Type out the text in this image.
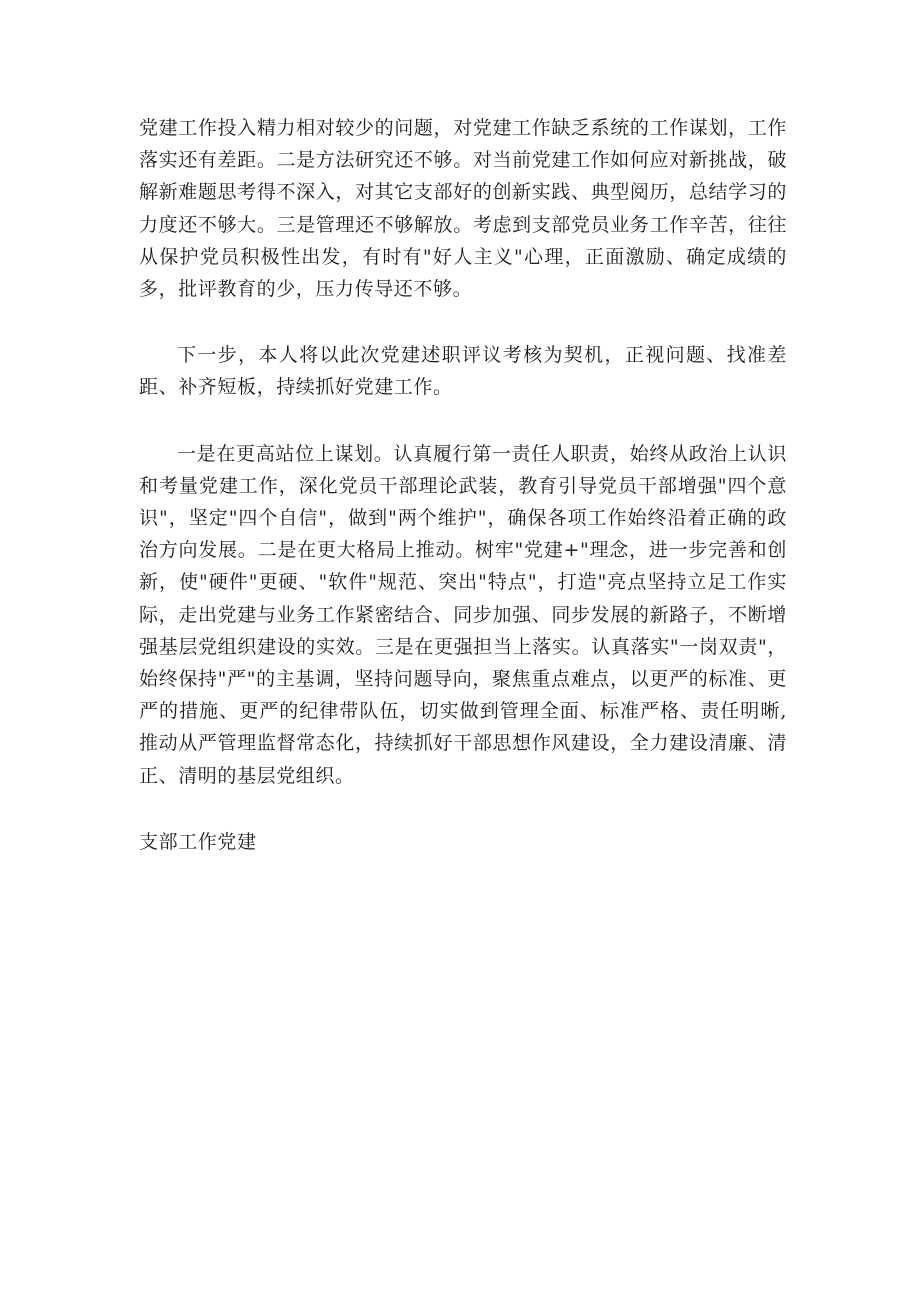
党建工作投入精力相对较少的问题，对党建工作缺乏系统的工作谋划，工作落实还有差距。二是方法研究还不够。对当前党建工作如何应对新挑战，破解新难题思考得不深入，对其它支部好的创新实践、典型阅历，总结学习的力度还不够大。三是管理还不够解放。考虑到支部党员业务工作辛苦，往往从保护党员积极性出发，有时有"好人主义"心理，正面激励、确定成绩的多，批评教育的少，压力传导还不够。

下一步，本人将以此次党建述职评议考核为契机，正视问题、找准差距、补齐短板，持续抓好党建工作。

一是在更高站位上谋划。认真履行第一责任人职责，始终从政治上认识和考量党建工作，深化党员干部理论武装，教育引导党员干部增强"四个意识"，坚定"四个自信"，做到"两个维护"，确保各项工作始终沿着正确的政治方向发展。二是在更大格局上推动。树牢"党建+"理念，进一步完善和创新，使"硬件"更硬、"软件"规范、突出"特点"，打造"亮点坚持立足工作实际，走出党建与业务工作紧密结合、同步加强、同步发展的新路子，不断增强基层党组织建设的实效。三是在更强担当上落实。认真落实"一岗双责"，始终保持"严"的主基调，坚持问题导向，聚焦重点难点，以更严的标准、更严的措施、更严的纪律带队伍，切实做到管理全面、标准严格、责任明晰,推动从严管理监督常态化，持续抓好干部思想作风建设，全力建设清廉、清正、清明的基层党组织。

支部工作党建
